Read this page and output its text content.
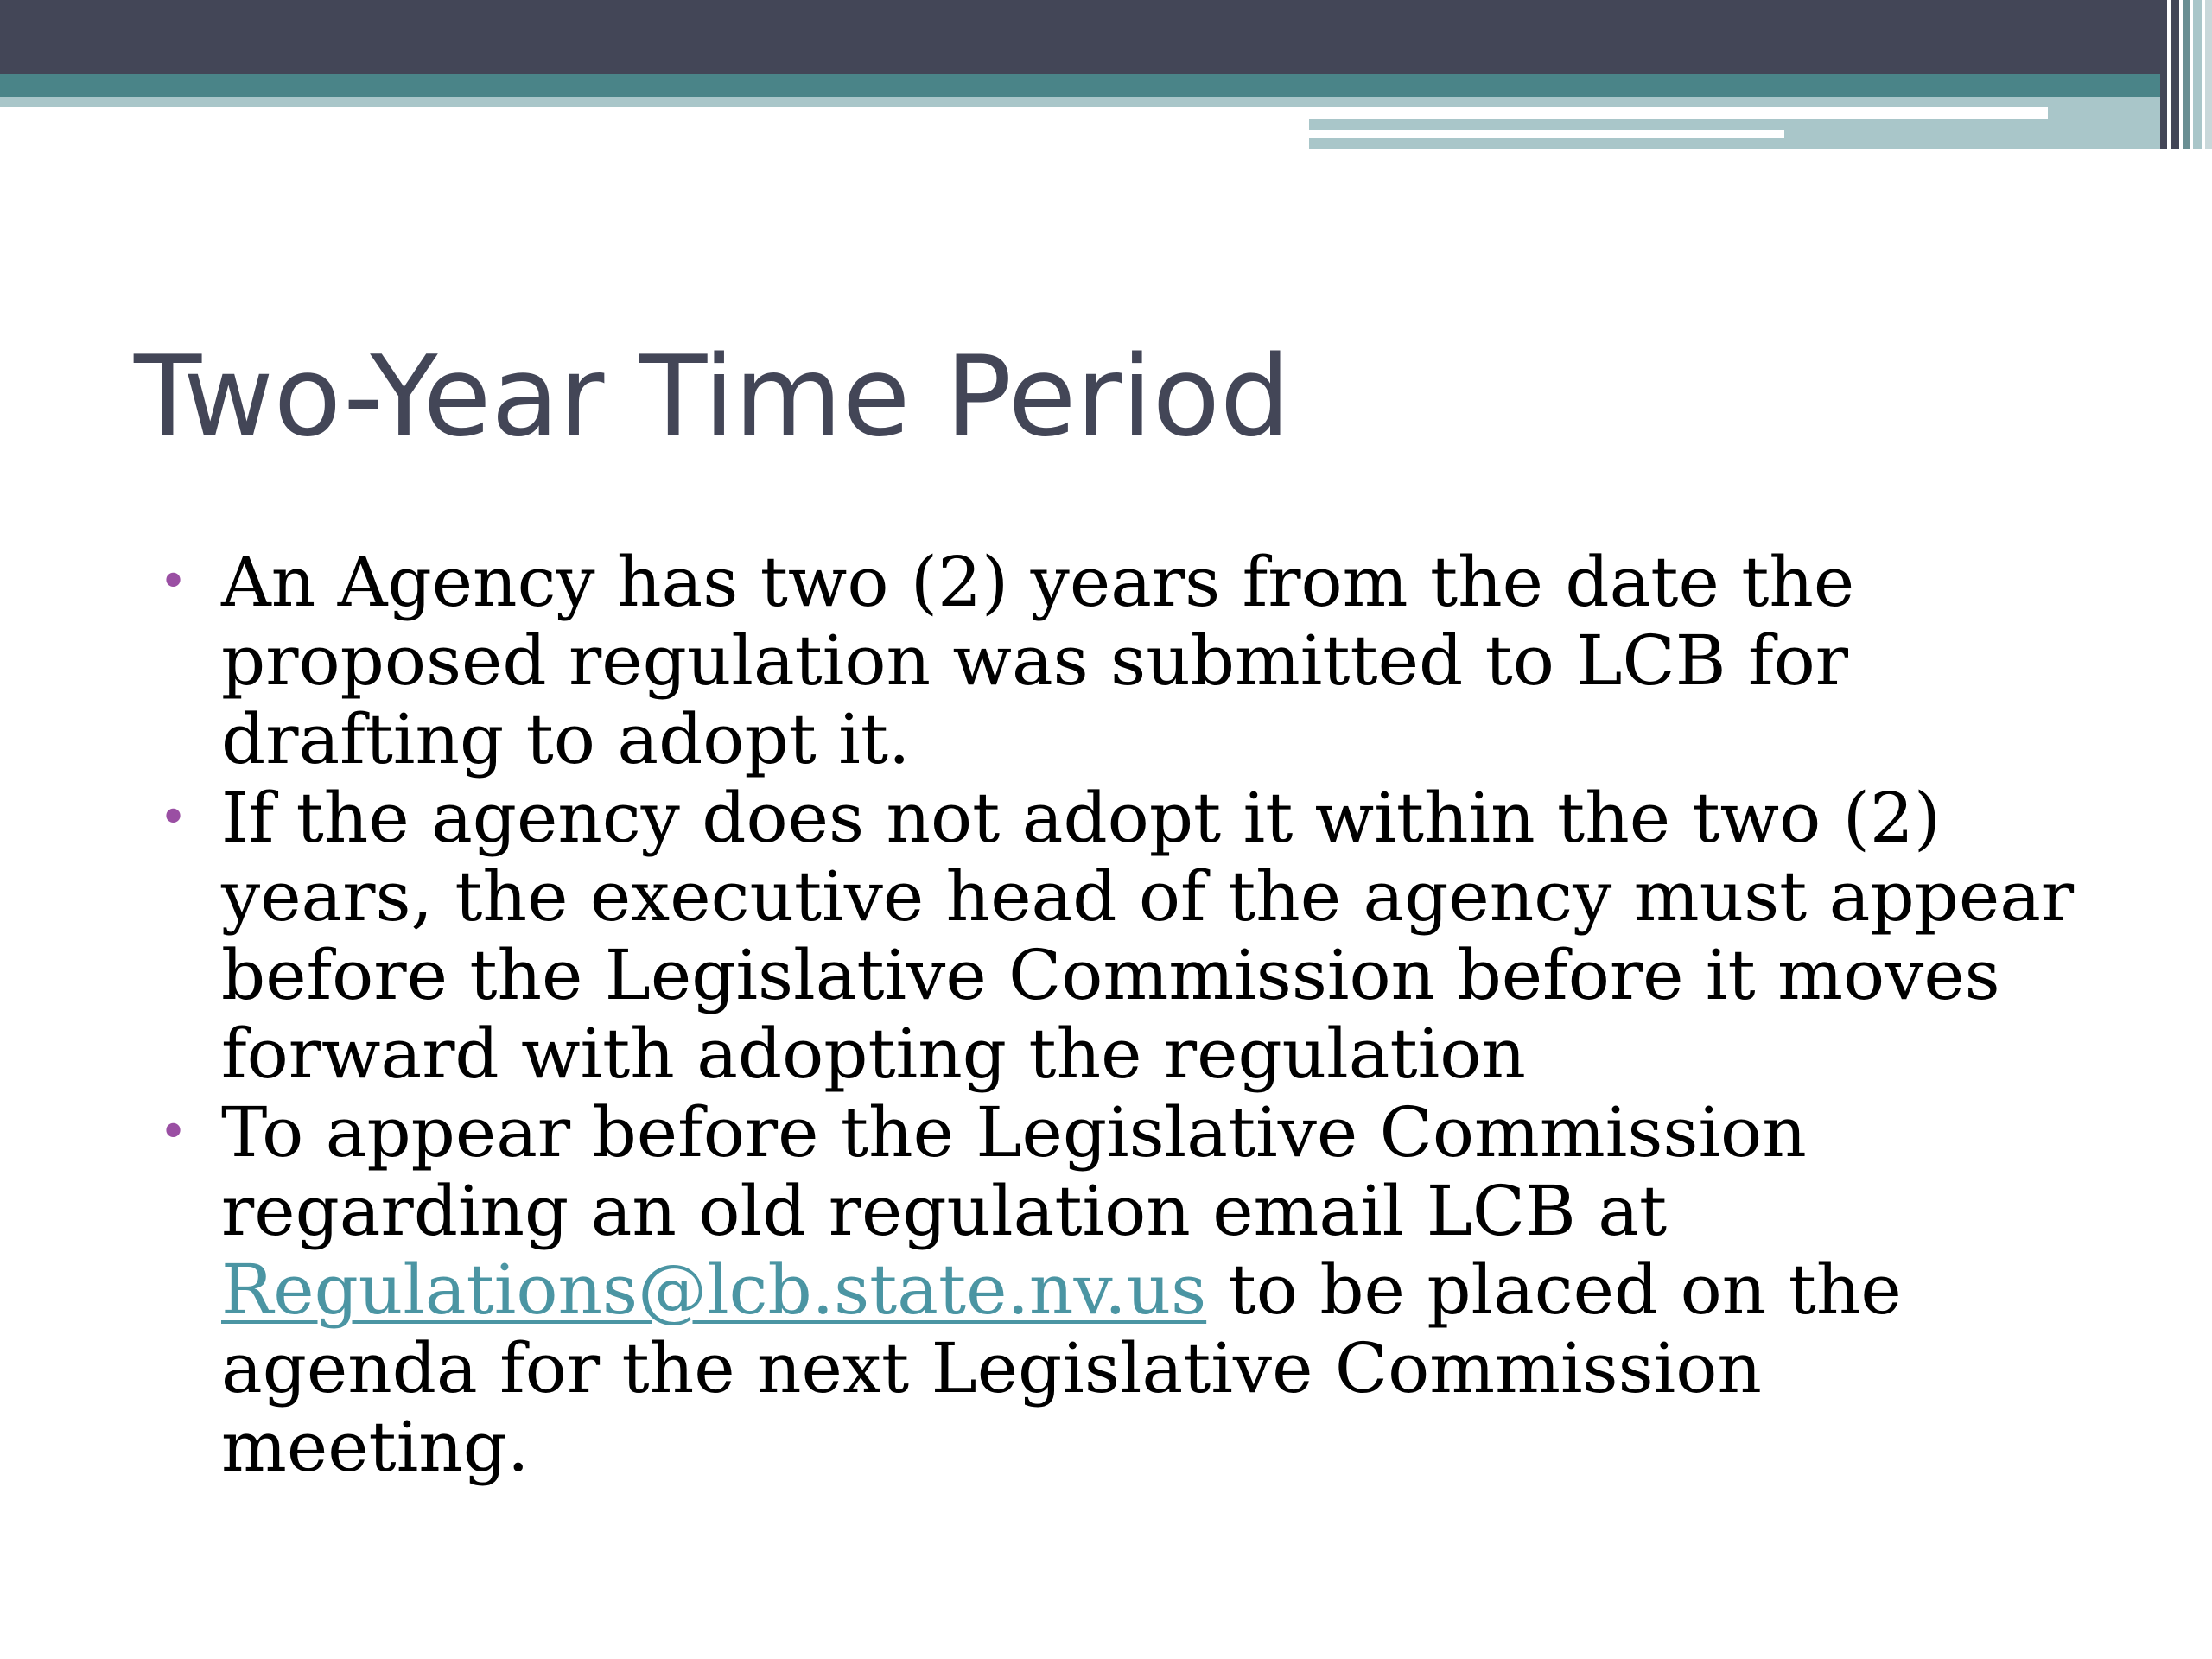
Two-Year Time Period
• An Agency has two (2) years from the date the
proposed regulation was submitted to LCB for
drafting to adopt it.
• If the agency does not adopt it within the two (2)
years, the executive head of the agency must appear
before the Legislative Commission before it moves
forward with adopting the regulation
• To appear before the Legislative Commission
regarding an old regulation email LCB at
Regulations@lcb.state.nv.us to be placed on the
agenda for the next Legislative Commission
meeting.
